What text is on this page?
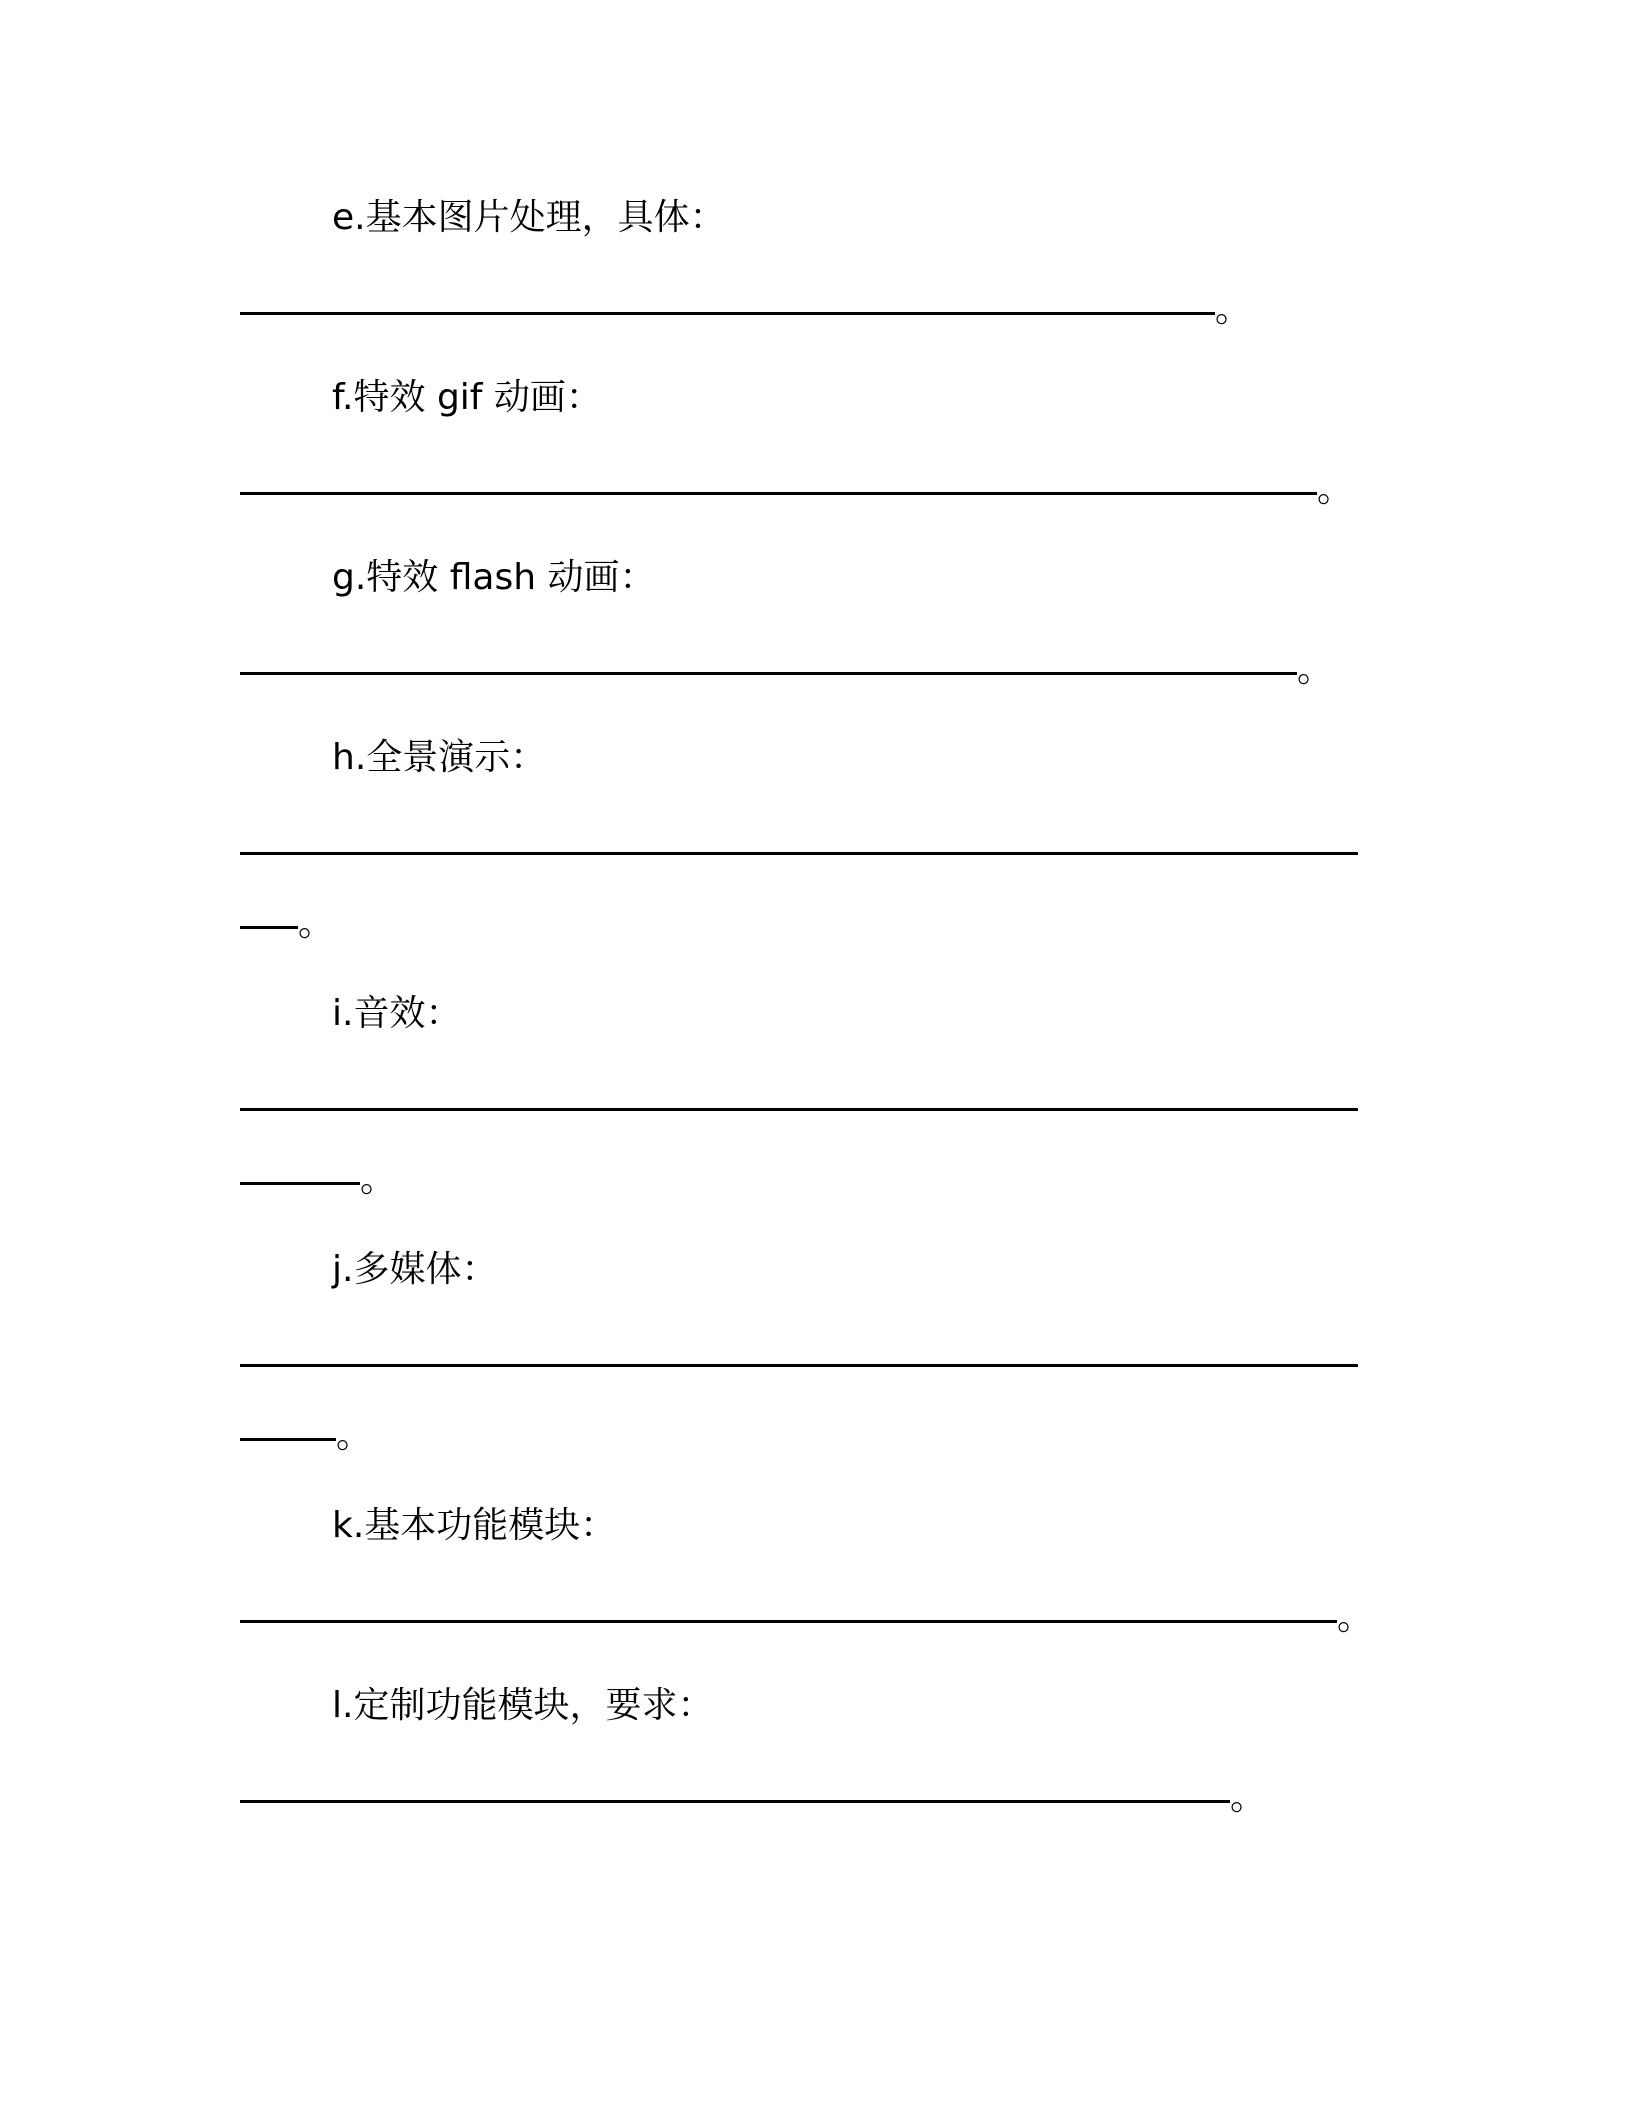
e.基本图片处理，具体：
。
f.特效 gif 动画：
。
g.特效 flash 动画：
。
h.全景演示：
。
i.音效：
。
j.多媒体：
。
k.基本功能模块：
。
l.定制功能模块，要求：
。
